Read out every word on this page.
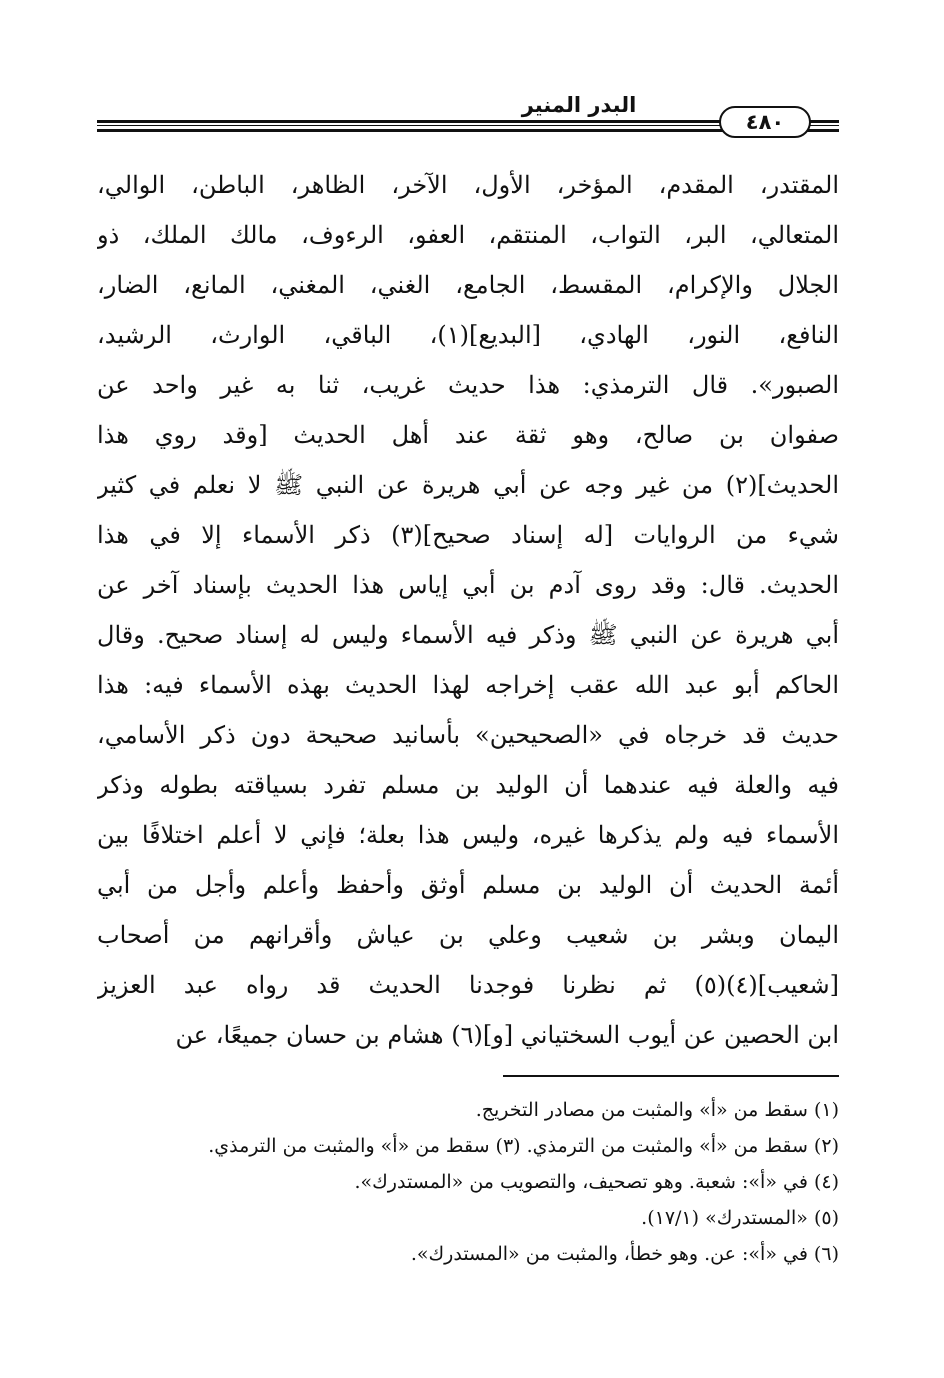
البدر المنير
٤٨٠
المقتدر، المقدم، المؤخر، الأول، الآخر، الظاهر، الباطن، الوالي،
المتعالي، البر، التواب، المنتقم، العفو، الرءوف، مالك الملك، ذو
الجلال والإكرام، المقسط، الجامع، الغني، المغني، المانع، الضار،
النافع، النور، الهادي، [البديع](١)، الباقي، الوارث، الرشيد،
الصبور». قال الترمذي: هذا حديث غريب، ثنا به غير واحد عن
صفوان بن صالح، وهو ثقة عند أهل الحديث [وقد روي هذا
الحديث](٢) من غير وجه عن أبي هريرة عن النبي ﷺ لا نعلم في كثير
شيء من الروايات [له إسناد صحيح](٣) ذكر الأسماء إلا في هذا
الحديث. قال: وقد روى آدم بن أبي إياس هذا الحديث بإسناد آخر عن
أبي هريرة عن النبي ﷺ وذكر فيه الأسماء وليس له إسناد صحيح. وقال
الحاكم أبو عبد الله عقب إخراجه لهذا الحديث بهذه الأسماء فيه: هذا
حديث قد خرجاه في «الصحيحين» بأسانيد صحيحة دون ذكر الأسامي،
فيه والعلة فيه عندهما أن الوليد بن مسلم تفرد بسياقته بطوله وذكر
الأسماء فيه ولم يذكرها غيره، وليس هذا بعلة؛ فإني لا أعلم اختلافًا بين
أئمة الحديث أن الوليد بن مسلم أوثق وأحفظ وأعلم وأجل من أبي
اليمان وبشر بن شعيب وعلي بن عياش وأقرانهم من أصحاب
[شعيب](٤)(٥) ثم نظرنا فوجدنا الحديث قد رواه عبد العزيز
ابن الحصين عن أيوب السختياني [و](٦) هشام بن حسان جميعًا، عن
(١) سقط من «أ» والمثبت من مصادر التخريج.
(٢) سقط من «أ» والمثبت من الترمذي. (٣) سقط من «أ» والمثبت من الترمذي.
(٤) في «أ»: شعبة. وهو تصحيف، والتصويب من «المستدرك».
(٥) «المستدرك» (١٧/١).
(٦) في «أ»: عن. وهو خطأ، والمثبت من «المستدرك».
